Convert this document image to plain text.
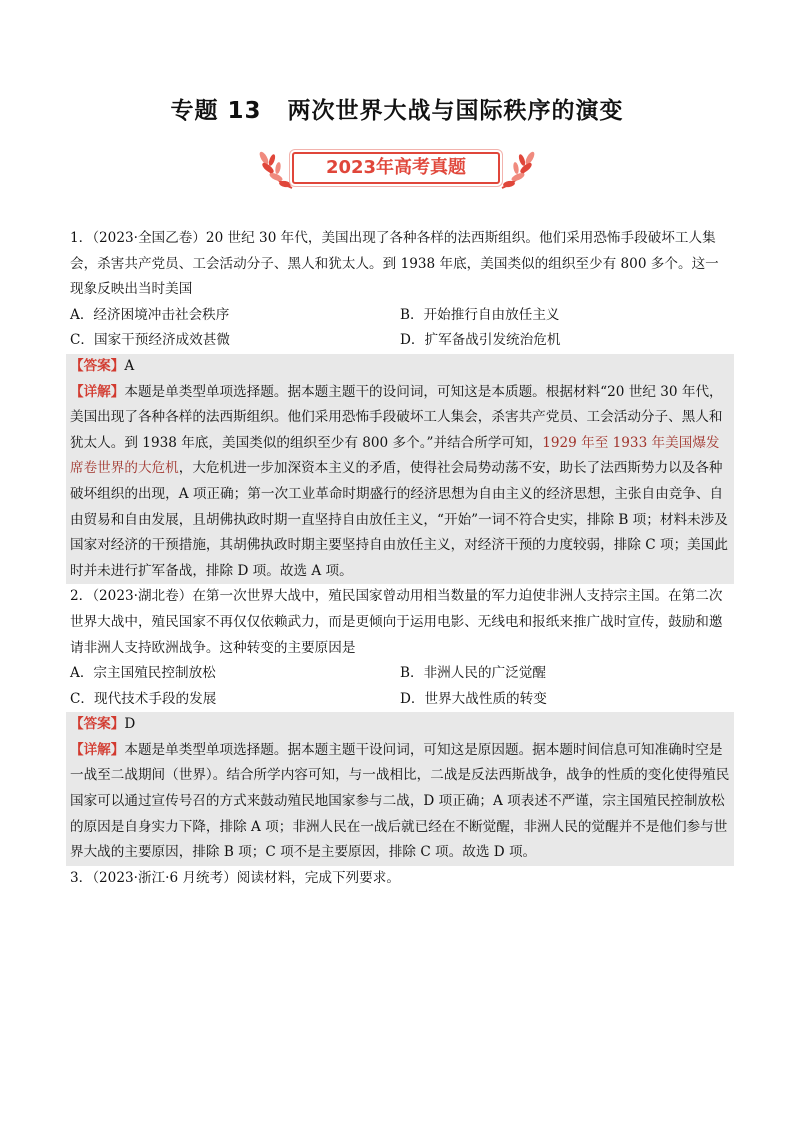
专题 13 两次世界大战与国际秩序的演变
2023年高考真题

1．（2023·全国乙卷）20 世纪 30 年代，美国出现了各种各样的法西斯组织。他们采用恐怖手段破坏工人集会，杀害共产党员、工会活动分子、黑人和犹太人。到 1938 年底，美国类似的组织至少有 800 多个。这一现象反映出当时美国

A．经济困境冲击社会秩序	B．开始推行自由放任主义
C．国家干预经济成效甚微	D．扩军备战引发统治危机

【答案】A

【详解】本题是单类型单项选择题。据本题主题干的设问词，可知这是本质题。根据材料“20 世纪 30 年代，美国出现了各种各样的法西斯组织。他们采用恐怖手段破坏工人集会，杀害共产党员、工会活动分子、黑人和犹太人。到 1938 年底，美国类似的组织至少有 800 多个。”并结合所学可知，1929 年至 1933 年美国爆发席卷世界的大危机，大危机进一步加深资本主义的矛盾，使得社会局势动荡不安，助长了法西斯势力以及各种破坏组织的出现，A 项正确；第一次工业革命时期盛行的经济思想为自由主义的经济思想，主张自由竞争、自由贸易和自由发展，且胡佛执政时期一直坚持自由放任主义，“开始”一词不符合史实，排除 B 项；材料未涉及国家对经济的干预措施，其胡佛执政时期主要坚持自由放任主义，对经济干预的力度较弱，排除 C 项；美国此时并未进行扩军备战，排除 D 项。故选 A 项。

2．（2023·湖北卷）在第一次世界大战中，殖民国家曾动用相当数量的军力迫使非洲人支持宗主国。在第二次世界大战中，殖民国家不再仅仅依赖武力，而是更倾向于运用电影、无线电和报纸来推广战时宣传，鼓励和邀请非洲人支持欧洲战争。这种转变的主要原因是

A．宗主国殖民控制放松	B．非洲人民的广泛觉醒
C．现代技术手段的发展	D．世界大战性质的转变

【答案】D

【详解】本题是单类型单项选择题。据本题主题干设问词，可知这是原因题。据本题时间信息可知准确时空是一战至二战期间（世界）。结合所学内容可知，与一战相比，二战是反法西斯战争，战争的性质的变化使得殖民国家可以通过宣传号召的方式来鼓动殖民地国家参与二战，D 项正确；A 项表述不严谨，宗主国殖民控制放松的原因是自身实力下降，排除 A 项；非洲人民在一战后就已经在不断觉醒，非洲人民的觉醒并不是他们参与世界大战的主要原因，排除 B 项；C 项不是主要原因，排除 C 项。故选 D 项。

3．（2023·浙江·6 月统考）阅读材料，完成下列要求。
